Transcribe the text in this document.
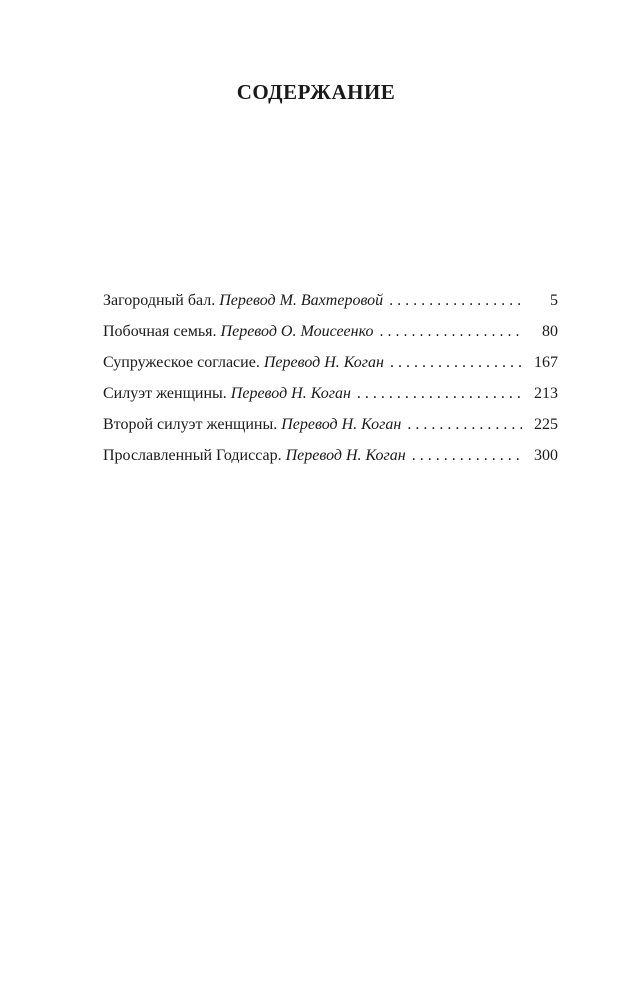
СОДЕРЖАНИЕ
Загородный бал. Перевод М. Вахтеровой . . .	5
Побочная семья. Перевод О. Моисеенко . . .	80
Супружеское согласие. Перевод Н. Коган . . .	167
Силуэт женщины. Перевод Н. Коган . . .	213
Второй силуэт женщины. Перевод Н. Коган . . .	225
Прославленный Годиссар. Перевод Н. Коган . . .	300
